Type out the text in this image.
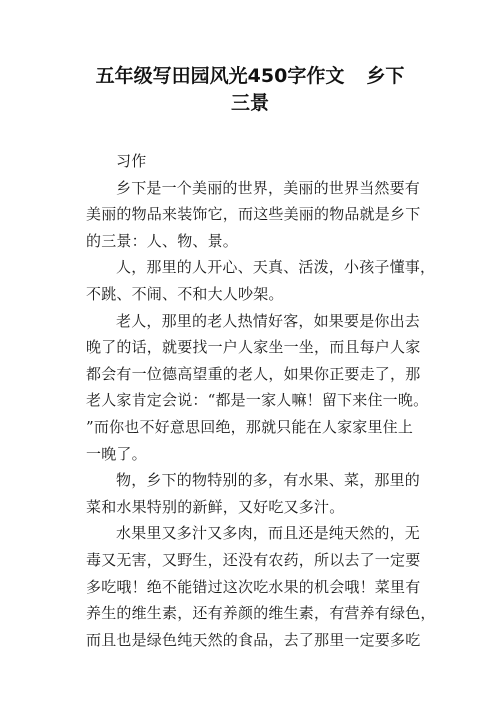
五年级写田园风光450字作文 乡下
三景
习作
乡下是一个美丽的世界，美丽的世界当然要有
美丽的物品来装饰它，而这些美丽的物品就是乡下
的三景：人、物、景。
人，那里的人开心、天真、活泼，小孩子懂事，
不跳、不闹、不和大人吵架。
老人，那里的老人热情好客，如果要是你出去
晚了的话，就要找一户人家坐一坐，而且每户人家
都会有一位德高望重的老人，如果你正要走了，那
老人家肯定会说：“都是一家人嘛！留下来住一晚。
”而你也不好意思回绝，那就只能在人家家里住上
一晚了。
物，乡下的物特别的多，有水果、菜，那里的
菜和水果特别的新鲜，又好吃又多汁。
水果里又多汁又多肉，而且还是纯天然的，无
毒又无害，又野生，还没有农药，所以去了一定要
多吃哦！绝不能错过这次吃水果的机会哦！菜里有
养生的维生素，还有养颜的维生素，有营养有绿色，
而且也是绿色纯天然的食品，去了那里一定要多吃
